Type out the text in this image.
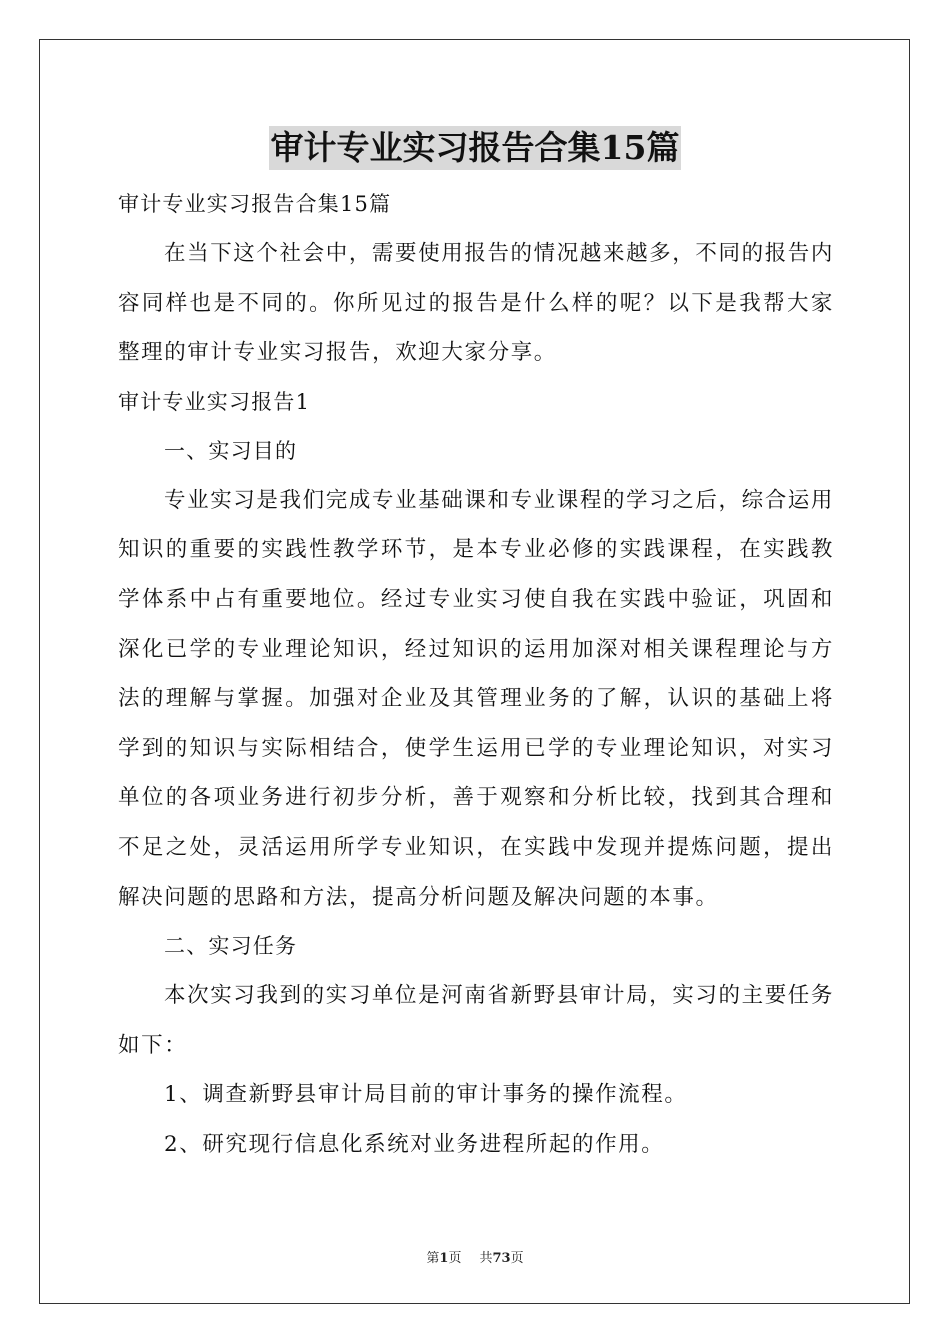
审计专业实习报告合集15篇
审计专业实习报告合集15篇
在当下这个社会中，需要使用报告的情况越来越多，不同的报告内容同样也是不同的。你所见过的报告是什么样的呢？以下是我帮大家整理的审计专业实习报告，欢迎大家分享。
审计专业实习报告1
一、实习目的
专业实习是我们完成专业基础课和专业课程的学习之后，综合运用知识的重要的实践性教学环节，是本专业必修的实践课程，在实践教学体系中占有重要地位。经过专业实习使自我在实践中验证，巩固和深化已学的专业理论知识，经过知识的运用加深对相关课程理论与方法的理解与掌握。加强对企业及其管理业务的了解，认识的基础上将学到的知识与实际相结合，使学生运用已学的专业理论知识，对实习单位的各项业务进行初步分析，善于观察和分析比较，找到其合理和不足之处，灵活运用所学专业知识，在实践中发现并提炼问题，提出解决问题的思路和方法，提高分析问题及解决问题的本事。
二、实习任务
本次实习我到的实习单位是河南省新野县审计局，实习的主要任务如下：
1、调查新野县审计局目前的审计事务的操作流程。
2、研究现行信息化系统对业务进程所起的作用。
第1页 共73页
